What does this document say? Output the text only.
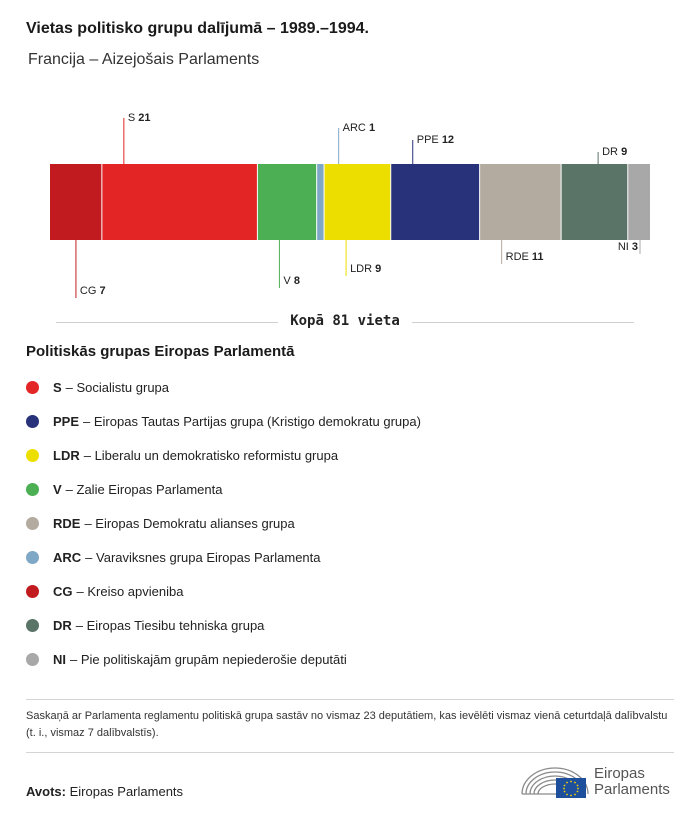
Vietas politisko grupu dalījumā – 1989.–1994.
Francija – Aizejošais Parlaments
CG 7
S 21
V 8
ARC 1
LDR 9
PPE 12
RDE 11
DR 9
NI 3
Kopā 81 vieta
Politiskās grupas Eiropas Parlamentā
S – Socialistu grupa
PPE – Eiropas Tautas Partijas grupa (Kristigo demokratu grupa)
LDR – Liberalu un demokratisko reformistu grupa
V – Zalie Eiropas Parlamenta
RDE – Eiropas Demokratu alianses grupa
ARC – Varaviksnes grupa Eiropas Parlamenta
CG – Kreiso apvieniba
DR – Eiropas Tiesibu tehniska grupa
NI – Pie politiskajām grupām nepiederošie deputāti
Saskaņā ar Parlamenta reglamentu politiskā grupa sastāv no vismaz 23 deputātiem, kas ievēlēti vismaz vienā ceturtdaļā dalībvalstu (t. i., vismaz 7 dalībvalstīs).
Avots: Eiropas Parlaments
Eiropas
Parlaments
